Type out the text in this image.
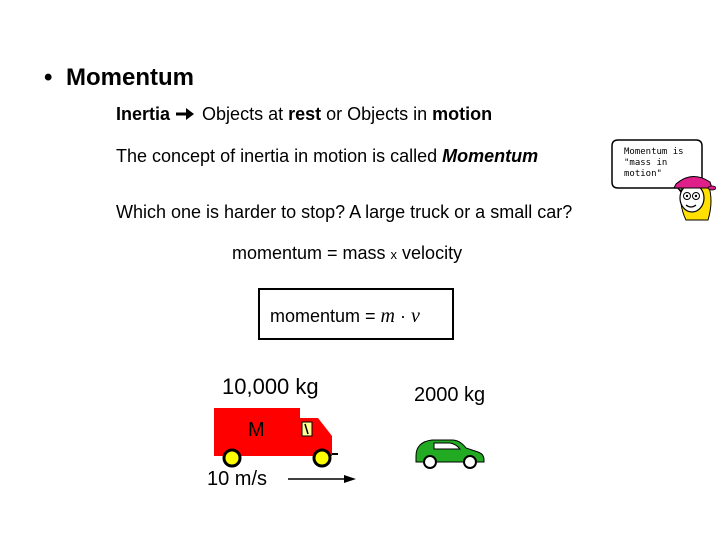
• Momentum
Inertia  Objects at rest or Objects in motion
The concept of inertia in motion is called Momentum
Which one is harder to stop? A large truck or a small car?
momentum = mass x velocity
momentum = m · v
Momentum is
"mass in
motion"
10,000 kg	2000 kg
M
10 m/s
